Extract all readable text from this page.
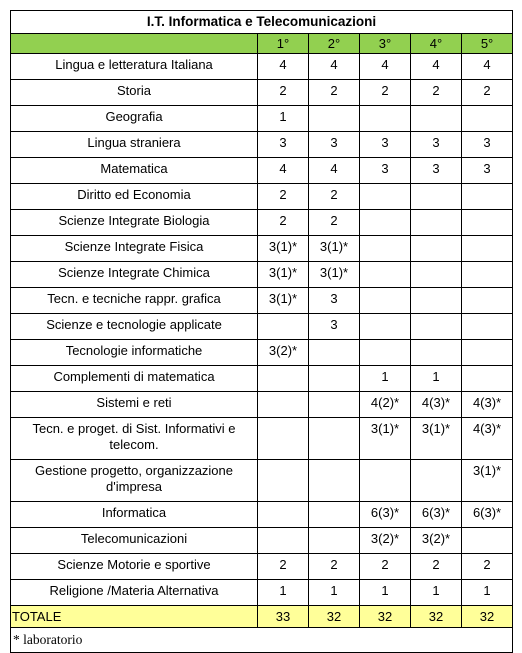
I.T. Informatica e Telecomunicazioni					
	1°	2°	3°	4°	5°
Lingua e letteratura Italiana	4	4	4	4	4
Storia	2	2	2	2	2
Geografia	1				
Lingua straniera	3	3	3	3	3
Matematica	4	4	3	3	3
Diritto ed Economia	2	2			
Scienze Integrate Biologia	2	2			
Scienze Integrate Fisica	3(1)*	3(1)*			
Scienze Integrate Chimica	3(1)*	3(1)*			
Tecn. e tecniche rappr. grafica	3(1)*	3			
Scienze e tecnologie applicate		3			
Tecnologie informatiche	3(2)*				
Complementi di matematica			1	1	
Sistemi e reti			4(2)*	4(3)*	4(3)*
Tecn. e proget. di Sist. Informativi e telecom.			3(1)*	3(1)*	4(3)*
Gestione progetto, organizzazione d'impresa					3(1)*
Informatica			6(3)*	6(3)*	6(3)*
Telecomunicazioni			3(2)*	3(2)*	
Scienze Motorie e sportive	2	2	2	2	2
Religione /Materia Alternativa	1	1	1	1	1
TOTALE	33	32	32	32	32
* laboratorio					
